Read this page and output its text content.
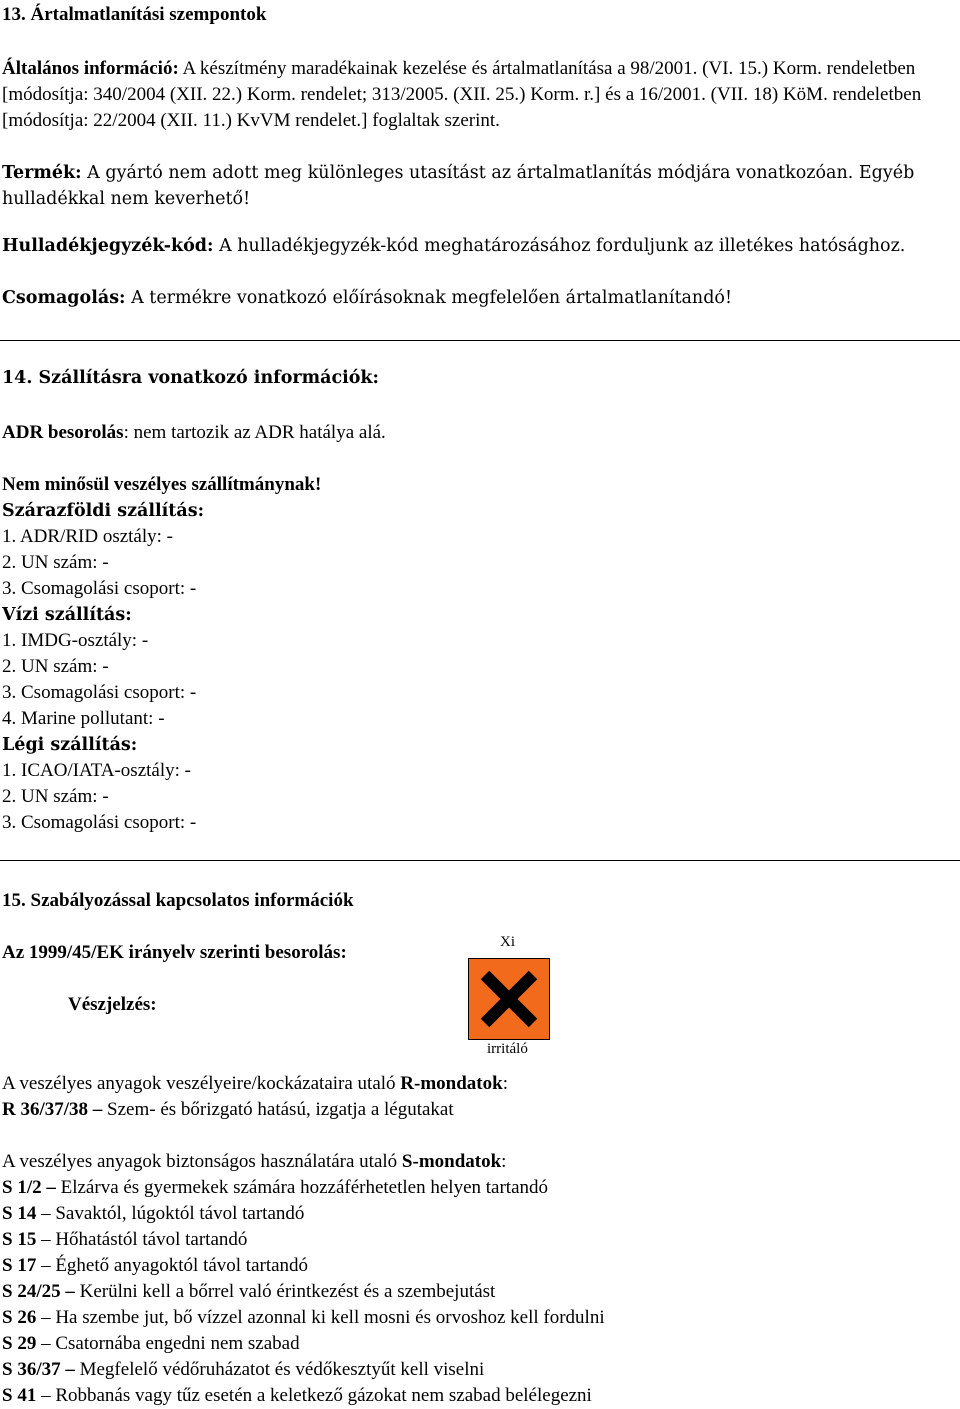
13. Ártalmatlanítási szempontok

Általános információ: A készítmény maradékainak kezelése és ártalmatlanítása a 98/2001. (VI. 15.) Korm. rendeletben [módosítja: 340/2004 (XII. 22.) Korm. rendelet; 313/2005. (XII. 25.) Korm. r.] és a 16/2001. (VII. 18) KöM. rendeletben [módosítja: 22/2004 (XII. 11.) KvVM rendelet.] foglaltak szerint.

Termék: A gyártó nem adott meg különleges utasítást az ártalmatlanítás módjára vonatkozóan. Egyéb hulladékkal nem keverhető!

Hulladékjegyzék-kód: A hulladékjegyzék-kód meghatározásához forduljunk az illetékes hatósághoz.

Csomagolás: A termékre vonatkozó előírásoknak megfelelően ártalmatlanítandó!

14. Szállításra vonatkozó információk:

ADR besorolás: nem tartozik az ADR hatálya alá.

Nem minősül veszélyes szállítmánynak!
Szárazföldi szállítás:
1. ADR/RID osztály: -
2. UN szám: -
3. Csomagolási csoport: -
Vízi szállítás:
1. IMDG-osztály: -
2. UN szám: -
3. Csomagolási csoport: -
4. Marine pollutant: -
Légi szállítás:
1. ICAO/IATA-osztály: -
2. UN szám: -
3. Csomagolási csoport: -
15. Szabályozással kapcsolatos információk

Az 1999/45/EK irányelv szerinti besorolás:

Vészjelzés:

Xi
irritáló
A veszélyes anyagok veszélyeire/kockázataira utaló R-mondatok:
R 36/37/38 – Szem- és bőrizgató hatású, izgatja a légutakat
A veszélyes anyagok biztonságos használatára utaló S-mondatok:
S 1/2 – Elzárva és gyermekek számára hozzáférhetetlen helyen tartandó
S 14 – Savaktól, lúgoktól távol tartandó
S 15 – Hőhatástól távol tartandó
S 17 – Éghető anyagoktól távol tartandó
S 24/25 – Kerülni kell a bőrrel való érintkezést és a szembejutást
S 26 – Ha szembe jut, bő vízzel azonnal ki kell mosni és orvoshoz kell fordulni
S 29 – Csatornába engedni nem szabad
S 36/37 – Megfelelő védőruházatot és védőkesztyűt kell viselni
S 41 – Robbanás vagy tűz esetén a keletkező gázokat nem szabad belélegezni
